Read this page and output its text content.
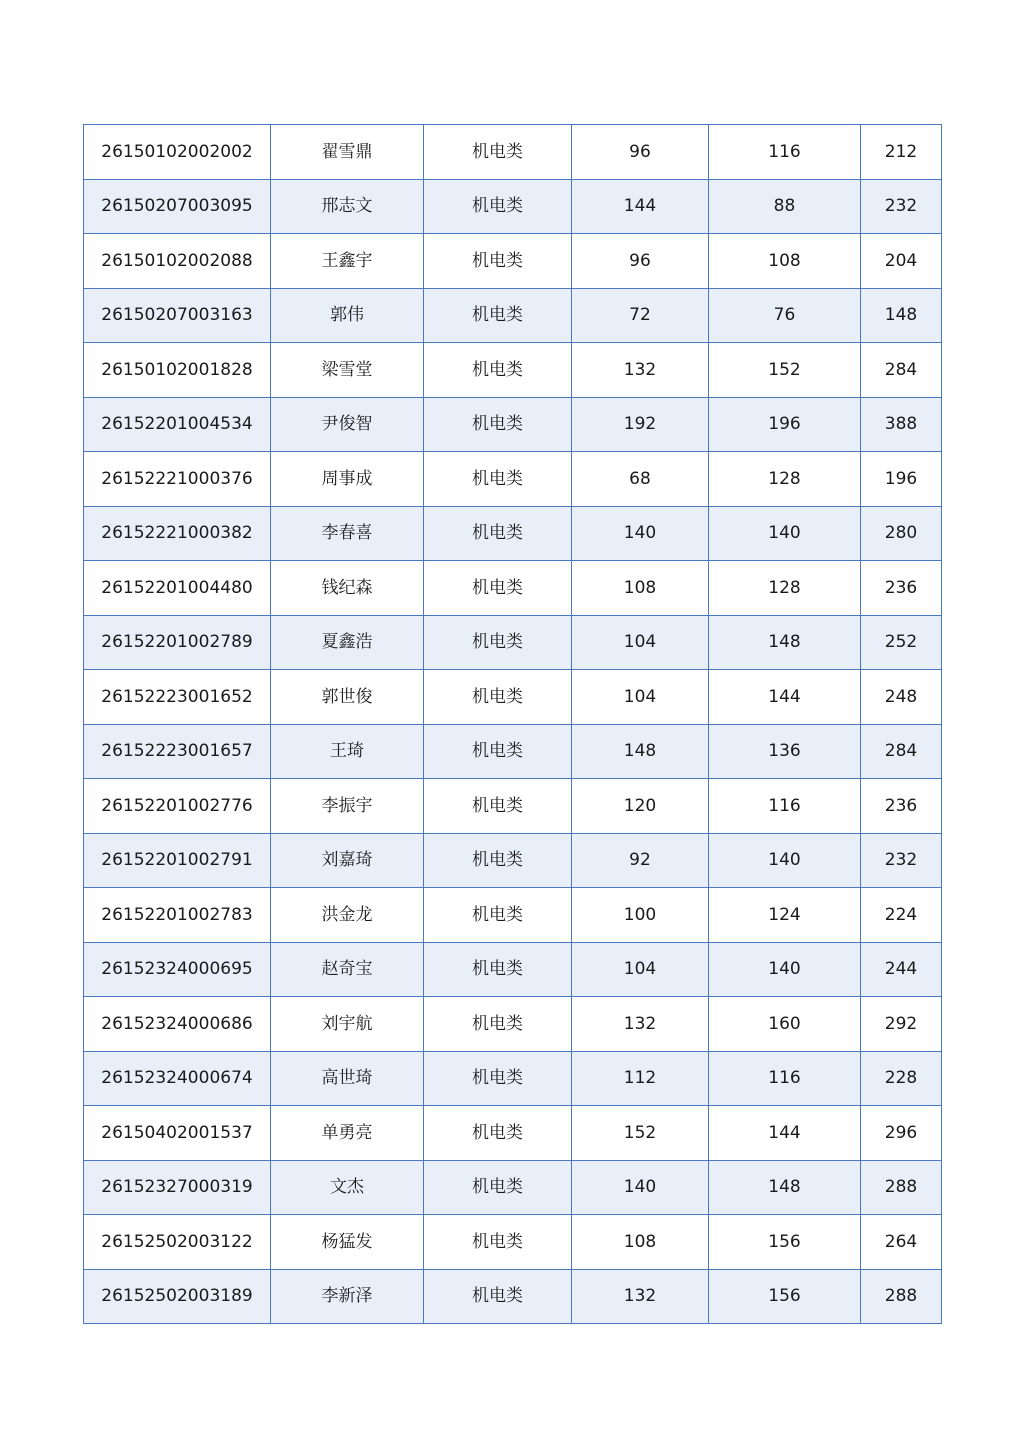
26150102002002	翟雪鼎	机电类	96	116	212
26150207003095	邢志文	机电类	144	88	232
26150102002088	王鑫宇	机电类	96	108	204
26150207003163	郭伟	机电类	72	76	148
26150102001828	梁雪堂	机电类	132	152	284
26152201004534	尹俊智	机电类	192	196	388
26152221000376	周事成	机电类	68	128	196
26152221000382	李春喜	机电类	140	140	280
26152201004480	钱纪森	机电类	108	128	236
26152201002789	夏鑫浩	机电类	104	148	252
26152223001652	郭世俊	机电类	104	144	248
26152223001657	王琦	机电类	148	136	284
26152201002776	李振宇	机电类	120	116	236
26152201002791	刘嘉琦	机电类	92	140	232
26152201002783	洪金龙	机电类	100	124	224
26152324000695	赵奇宝	机电类	104	140	244
26152324000686	刘宇航	机电类	132	160	292
26152324000674	高世琦	机电类	112	116	228
26150402001537	单勇亮	机电类	152	144	296
26152327000319	文杰	机电类	140	148	288
26152502003122	杨猛发	机电类	108	156	264
26152502003189	李新泽	机电类	132	156	288
